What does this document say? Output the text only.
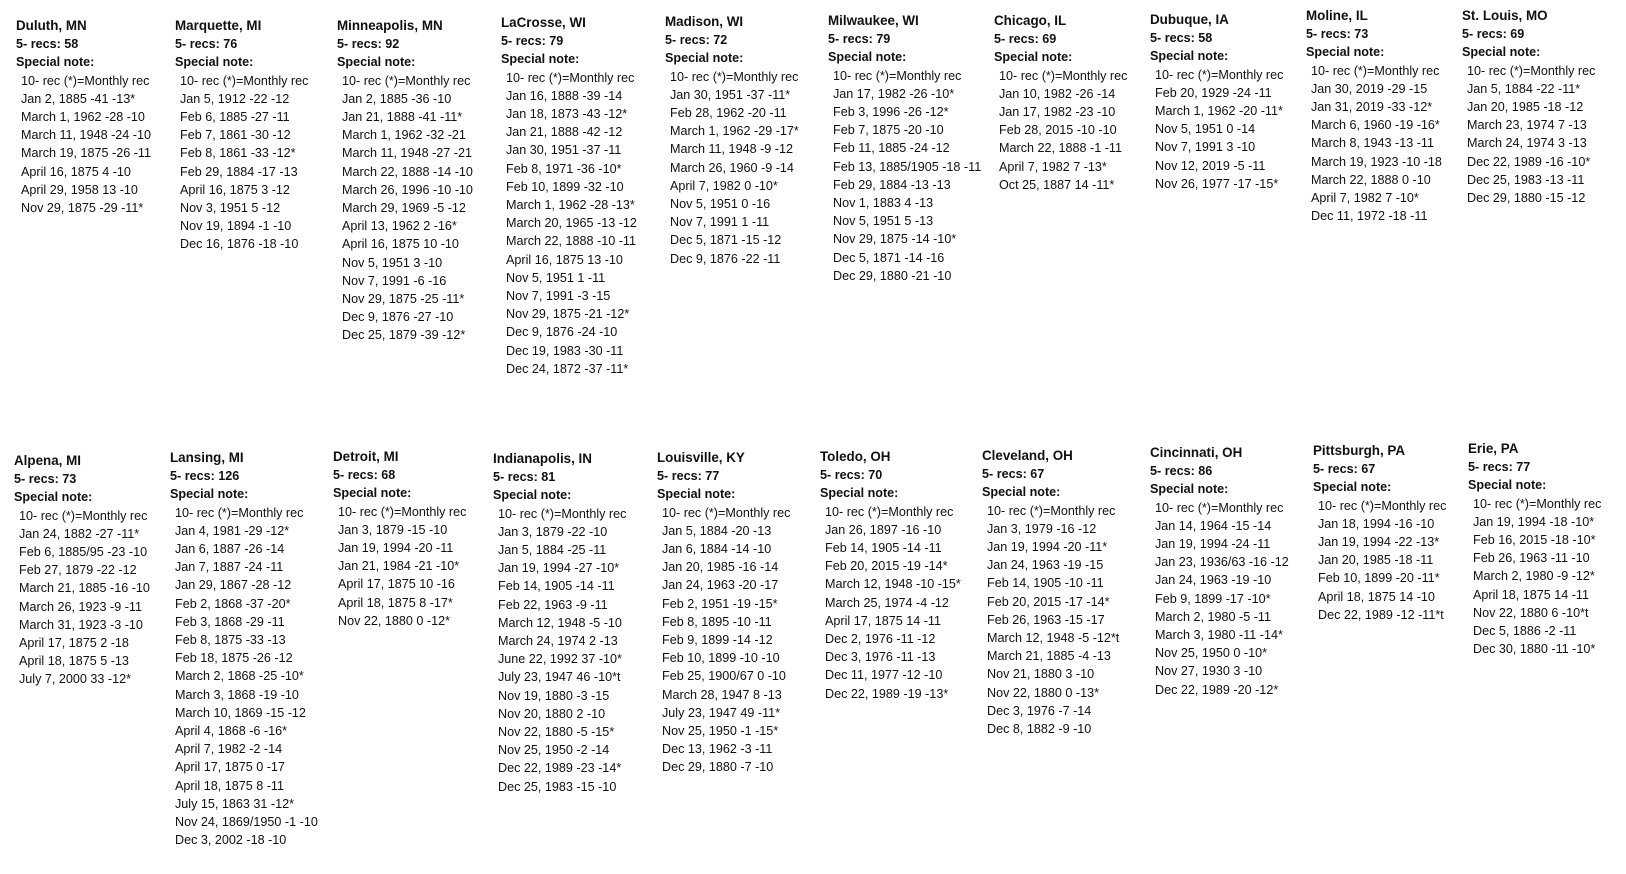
Duluth, MN
5- recs: 58
Special note:
10- rec (*)=Monthly rec
Jan 2, 1885 -41 -13*
March 1, 1962 -28 -10
March 11, 1948 -24 -10
March 19, 1875 -26 -11
April 16, 1875 4 -10
April 29, 1958 13 -10
Nov 29, 1875 -29 -11*
Marquette, MI
5- recs: 76
Special note:
10- rec (*)=Monthly rec
Jan 5, 1912 -22 -12
Feb 6, 1885 -27 -11
Feb 7, 1861 -30 -12
Feb 8, 1861 -33 -12*
Feb 29, 1884 -17 -13
April 16, 1875 3 -12
Nov 3, 1951 5 -12
Nov 19, 1894 -1 -10
Dec 16, 1876 -18 -10
Minneapolis, MN
5- recs: 92
Special note:
10- rec (*)=Monthly rec
Jan 2, 1885 -36 -10
Jan 21, 1888 -41 -11*
March 1, 1962 -32 -21
March 11, 1948 -27 -21
March 22, 1888 -14 -10
March 26, 1996 -10 -10
March 29, 1969 -5 -12
April 13, 1962 2 -16*
April 16, 1875 10 -10
Nov 5, 1951 3 -10
Nov 7, 1991 -6 -16
Nov 29, 1875 -25 -11*
Dec 9, 1876 -27 -10
Dec 25, 1879 -39 -12*
LaCrosse, WI
5- recs: 79
Special note:
10- rec (*)=Monthly rec
Jan 16, 1888 -39 -14
Jan 18, 1873 -43 -12*
Jan 21, 1888 -42 -12
Jan 30, 1951 -37 -11
Feb 8, 1971 -36 -10*
Feb 10, 1899 -32 -10
March 1, 1962 -28 -13*
March 20, 1965 -13 -12
March 22, 1888 -10 -11
April 16, 1875 13 -10
Nov 5, 1951 1 -11
Nov 7, 1991 -3 -15
Nov 29, 1875 -21 -12*
Dec 9, 1876 -24 -10
Dec 19, 1983 -30 -11
Dec 24, 1872 -37 -11*
Madison, WI
5- recs: 72
Special note:
10- rec (*)=Monthly rec
Jan 30, 1951 -37 -11*
Feb 28, 1962 -20 -11
March 1, 1962 -29 -17*
March 11, 1948 -9 -12
March 26, 1960 -9 -14
April 7, 1982 0 -10*
Nov 5, 1951 0 -16
Nov 7, 1991 1 -11
Dec 5, 1871 -15 -12
Dec 9, 1876 -22 -11
Milwaukee, WI
5- recs: 79
Special note:
10- rec (*)=Monthly rec
Jan 17, 1982 -26 -10*
Feb 3, 1996 -26 -12*
Feb 7, 1875 -20 -10
Feb 11, 1885 -24 -12
Feb 13, 1885/1905 -18 -11
Feb 29, 1884 -13 -13
Nov 1, 1883 4 -13
Nov 5, 1951 5 -13
Nov 29, 1875 -14 -10*
Dec 5, 1871 -14 -16
Dec 29, 1880 -21 -10
Chicago, IL
5- recs: 69
Special note:
10- rec (*)=Monthly rec
Jan 10, 1982 -26 -14
Jan 17, 1982 -23 -10
Feb 28, 2015 -10 -10
March 22, 1888 -1 -11
April 7, 1982 7 -13*
Oct 25, 1887 14 -11*
Dubuque, IA
5- recs: 58
Special note:
10- rec (*)=Monthly rec
Feb 20, 1929 -24 -11
March 1, 1962 -20 -11*
Nov 5, 1951 0 -14
Nov 7, 1991 3 -10
Nov 12, 2019 -5 -11
Nov 26, 1977 -17 -15*
Moline, IL
5- recs: 73
Special note:
10- rec (*)=Monthly rec
Jan 30, 2019 -29 -15
Jan 31, 2019 -33 -12*
March 6, 1960 -19 -16*
March 8, 1943 -13 -11
March 19, 1923 -10 -18
March 22, 1888 0 -10
April 7, 1982 7 -10*
Dec 11, 1972 -18 -11
St. Louis, MO
5- recs: 69
Special note:
10- rec (*)=Monthly rec
Jan 5, 1884 -22 -11*
Jan 20, 1985 -18 -12
March 23, 1974 7 -13
March 24, 1974 3 -13
Dec 22, 1989 -16 -10*
Dec 25, 1983 -13 -11
Dec 29, 1880 -15 -12
Alpena, MI
5- recs: 73
Special note:
10- rec (*)=Monthly rec
Jan 24, 1882 -27 -11*
Feb 6, 1885/95 -23 -10
Feb 27, 1879 -22 -12
March 21, 1885 -16 -10
March 26, 1923 -9 -11
March 31, 1923 -3 -10
April 17, 1875 2 -18
April 18, 1875 5 -13
July 7, 2000 33 -12*
Lansing, MI
5- recs: 126
Special note:
10- rec (*)=Monthly rec
Jan 4, 1981 -29 -12*
Jan 6, 1887 -26 -14
Jan 7, 1887 -24 -11
Jan 29, 1867 -28 -12
Feb 2, 1868 -37 -20*
Feb 3, 1868 -29 -11
Feb 8, 1875 -33 -13
Feb 18, 1875 -26 -12
March 2, 1868 -25 -10*
March 3, 1868 -19 -10
March 10, 1869 -15 -12
April 4, 1868 -6 -16*
April 7, 1982 -2 -14
April 17, 1875 0 -17
April 18, 1875 8 -11
July 15, 1863 31 -12*
Nov 24, 1869/1950 -1 -10
Dec 3, 2002 -18 -10
Detroit, MI
5- recs: 68
Special note:
10- rec (*)=Monthly rec
Jan 3, 1879 -15 -10
Jan 19, 1994 -20 -11
Jan 21, 1984 -21 -10*
April 17, 1875 10 -16
April 18, 1875 8 -17*
Nov 22, 1880 0 -12*
Indianapolis, IN
5- recs: 81
Special note:
10- rec (*)=Monthly rec
Jan 3, 1879 -22 -10
Jan 5, 1884 -25 -11
Jan 19, 1994 -27 -10*
Feb 14, 1905 -14 -11
Feb 22, 1963 -9 -11
March 12, 1948 -5 -10
March 24, 1974 2 -13
June 22, 1992 37 -10*
July 23, 1947 46 -10*t
Nov 19, 1880 -3 -15
Nov 20, 1880 2 -10
Nov 22, 1880 -5 -15*
Nov 25, 1950 -2 -14
Dec 22, 1989 -23 -14*
Dec 25, 1983 -15 -10
Louisville, KY
5- recs: 77
Special note:
10- rec (*)=Monthly rec
Jan 5, 1884 -20 -13
Jan 6, 1884 -14 -10
Jan 20, 1985 -16 -14
Jan 24, 1963 -20 -17
Feb 2, 1951 -19 -15*
Feb 8, 1895 -10 -11
Feb 9, 1899 -14 -12
Feb 10, 1899 -10 -10
Feb 25, 1900/67 0 -10
March 28, 1947 8 -13
July 23, 1947 49 -11*
Nov 25, 1950 -1 -15*
Dec 13, 1962 -3 -11
Dec 29, 1880 -7 -10
Toledo, OH
5- recs: 70
Special note:
10- rec (*)=Monthly rec
Jan 26, 1897 -16 -10
Feb 14, 1905 -14 -11
Feb 20, 2015 -19 -14*
March 12, 1948 -10 -15*
March 25, 1974 -4 -12
April 17, 1875 14 -11
Dec 2, 1976 -11 -12
Dec 3, 1976 -11 -13
Dec 11, 1977 -12 -10
Dec 22, 1989 -19 -13*
Cleveland, OH
5- recs: 67
Special note:
10- rec (*)=Monthly rec
Jan 3, 1979 -16 -12
Jan 19, 1994 -20 -11*
Jan 24, 1963 -19 -15
Feb 14, 1905 -10 -11
Feb 20, 2015 -17 -14*
Feb 26, 1963 -15 -17
March 12, 1948 -5 -12*t
March 21, 1885 -4 -13
Nov 21, 1880 3 -10
Nov 22, 1880 0 -13*
Dec 3, 1976 -7 -14
Dec 8, 1882 -9 -10
Cincinnati, OH
5- recs: 86
Special note:
10- rec (*)=Monthly rec
Jan 14, 1964 -15 -14
Jan 19, 1994 -24 -11
Jan 23, 1936/63 -16 -12
Jan 24, 1963 -19 -10
Feb 9, 1899 -17 -10*
March 2, 1980 -5 -11
March 3, 1980 -11 -14*
Nov 25, 1950 0 -10*
Nov 27, 1930 3 -10
Dec 22, 1989 -20 -12*
Pittsburgh, PA
5- recs: 67
Special note:
10- rec (*)=Monthly rec
Jan 18, 1994 -16 -10
Jan 19, 1994 -22 -13*
Jan 20, 1985 -18 -11
Feb 10, 1899 -20 -11*
April 18, 1875 14 -10
Dec 22, 1989 -12 -11*t
Erie, PA
5- recs: 77
Special note:
10- rec (*)=Monthly rec
Jan 19, 1994 -18 -10*
Feb 16, 2015 -18 -10*
Feb 26, 1963 -11 -10
March 2, 1980 -9 -12*
April 18, 1875 14 -11
Nov 22, 1880 6 -10*t
Dec 5, 1886 -2 -11
Dec 30, 1880 -11 -10*
